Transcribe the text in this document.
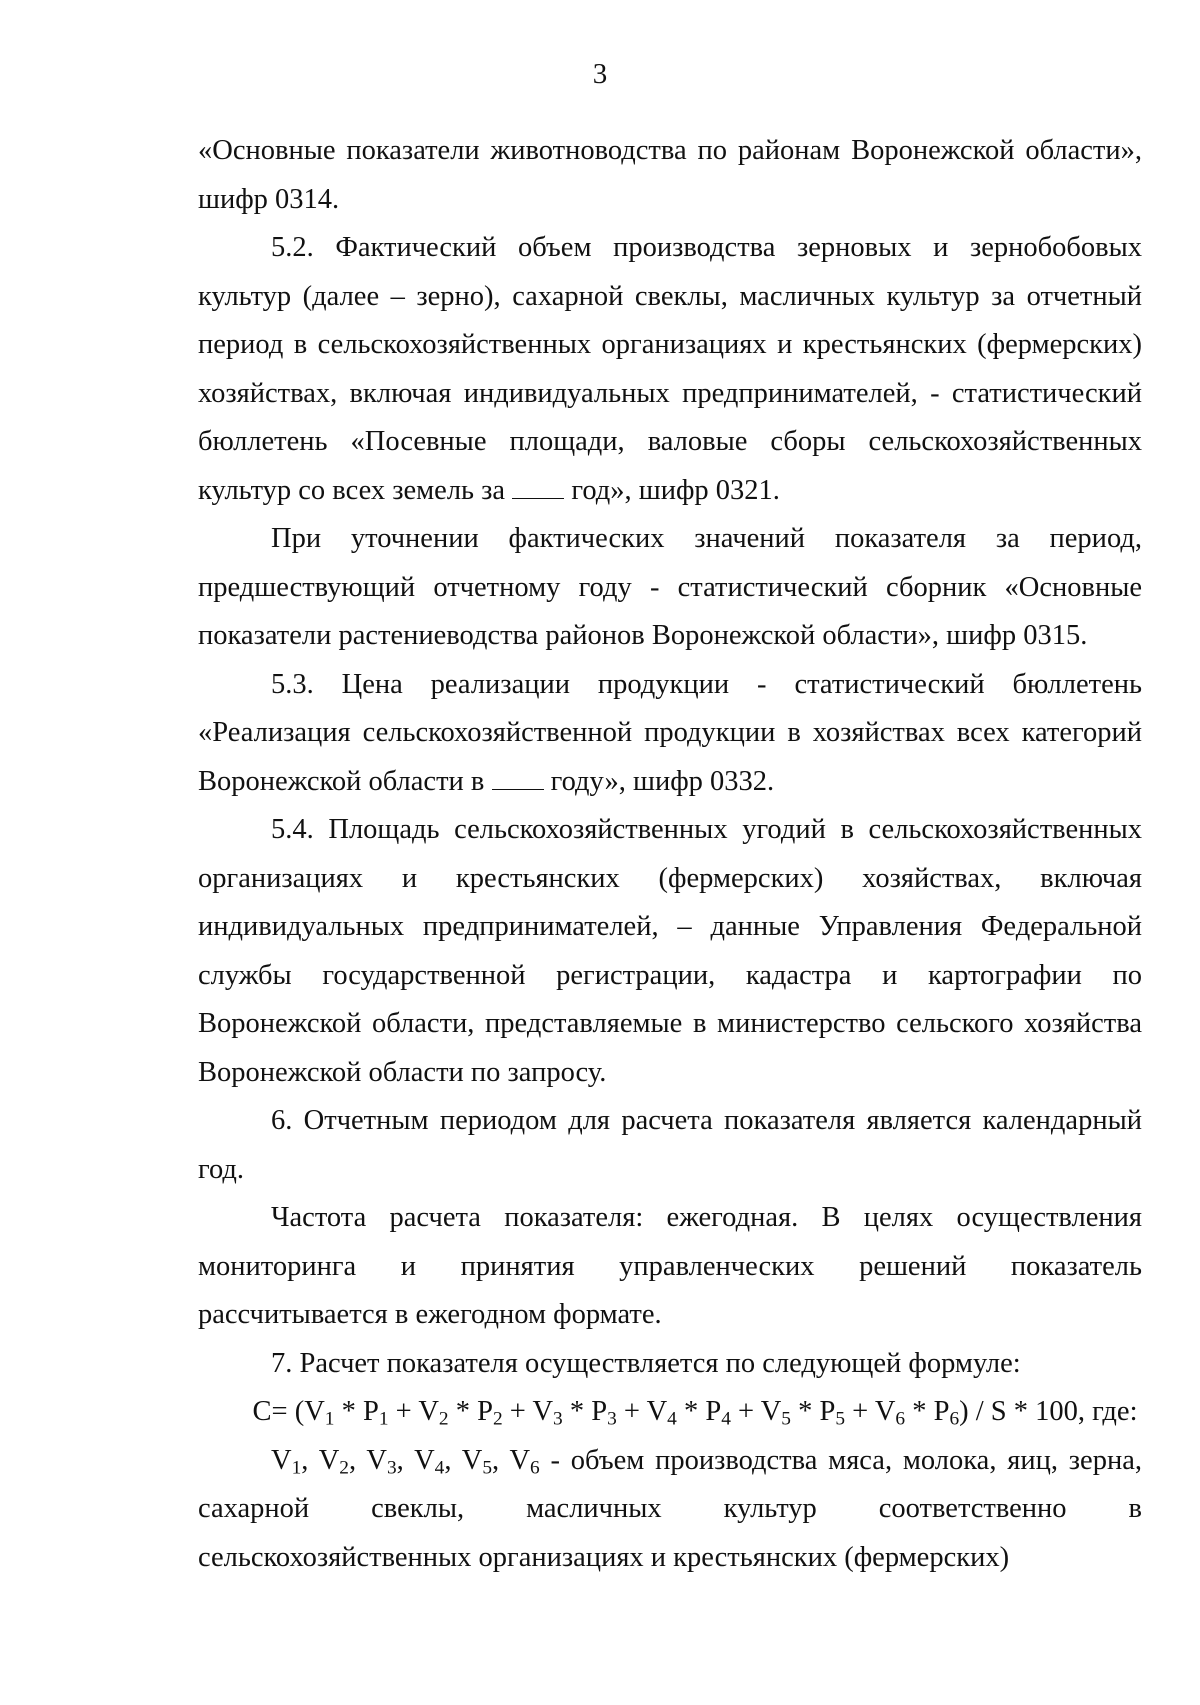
3

«Основные показатели животноводства по районам Воронежской области», шифр 0314.

5.2. Фактический объем производства зерновых и зернобобовых культур (далее – зерно), сахарной свеклы, масличных культур за отчетный период в сельскохозяйственных организациях и крестьянских (фермерских) хозяйствах, включая индивидуальных предпринимателей, - статистический бюллетень «Посевные площади, валовые сборы сельскохозяйственных культур со всех земель за  год», шифр 0321.

При уточнении фактических значений показателя за период, предшествующий отчетному году - статистический сборник «Основные показатели растениеводства районов Воронежской области», шифр 0315.

5.3. Цена реализации продукции - статистический бюллетень «Реализация сельскохозяйственной продукции в хозяйствах всех категорий Воронежской области в  году», шифр 0332.

5.4. Площадь сельскохозяйственных угодий в сельскохозяйственных организациях и крестьянских (фермерских) хозяйствах, включая индивидуальных предпринимателей, – данные Управления Федеральной службы государственной регистрации, кадастра и картографии по Воронежской области, представляемые в министерство сельского хозяйства Воронежской области по запросу.

6. Отчетным периодом для расчета показателя является календарный год.

Частота расчета показателя: ежегодная. В целях осуществления мониторинга и принятия управленческих решений показатель рассчитывается в ежегодном формате.

7. Расчет показателя осуществляется по следующей формуле:

$С= (V_1 * P_1 + V_2 * P_2 + V_3 * P_3 + V_4 * P_4 + V_5 * P_5 + V_6 * P_6) / S * 100$, где:

$V_1$, $V_2$, $V_3$, $V_4$, $V_5$, $V_6$ - объем производства мяса, молока, яиц, зерна, сахарной свеклы, масличных культур соответственно в сельскохозяйственных организациях и крестьянских (фермерских)
